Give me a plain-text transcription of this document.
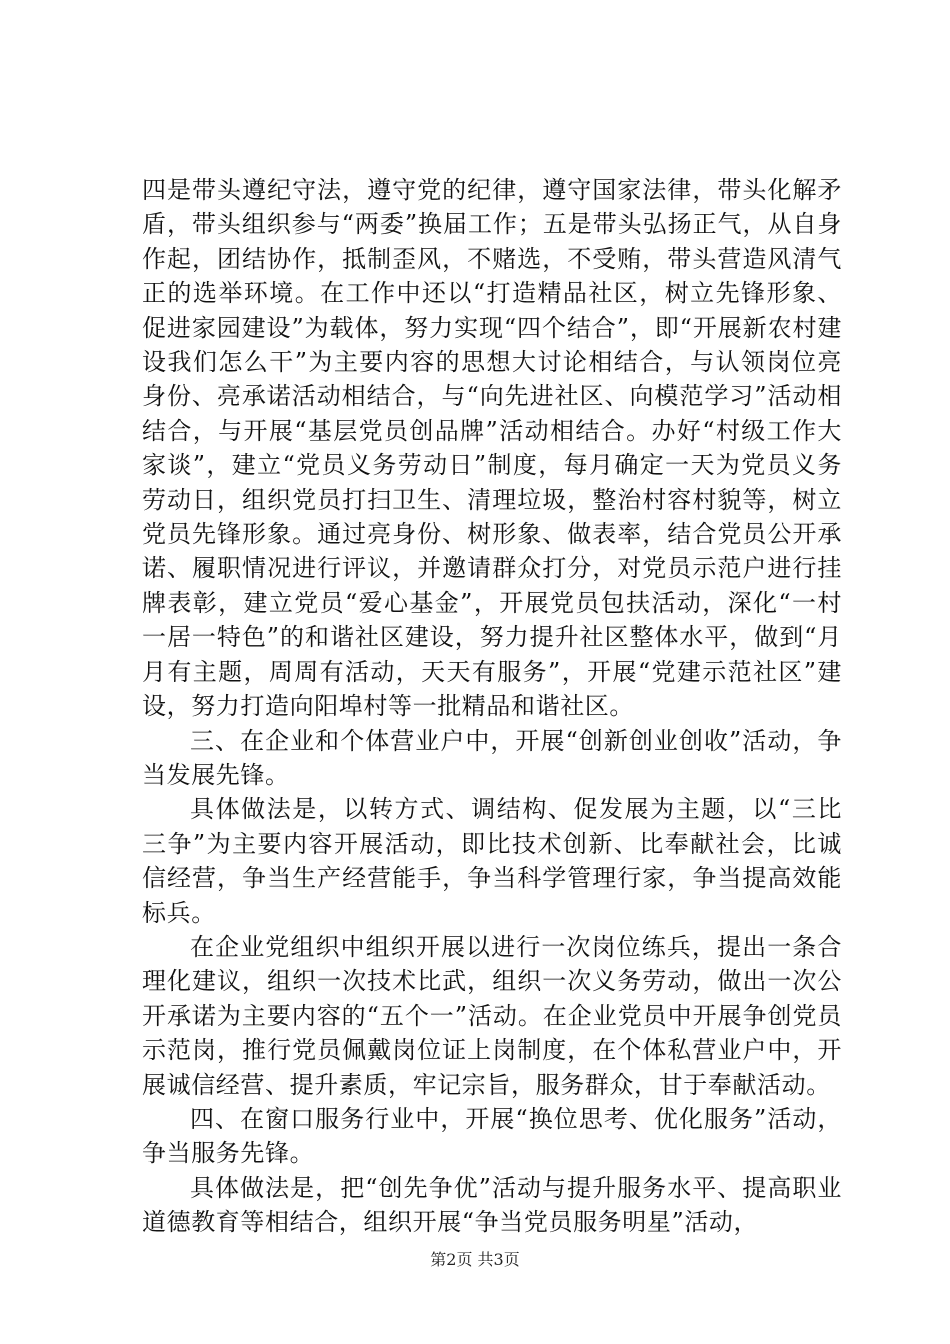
四是带头遵纪守法，遵守党的纪律，遵守国家法律，带头化解矛盾，带头组织参与“两委”换届工作；五是带头弘扬正气，从自身作起，团结协作，抵制歪风，不赌选，不受贿，带头营造风清气正的选举环境。在工作中还以“打造精品社区，树立先锋形象、促进家园建设”为载体，努力实现“四个结合”，即“开展新农村建设我们怎么干”为主要内容的思想大讨论相结合，与认领岗位亮身份、亮承诺活动相结合，与“向先进社区、向模范学习”活动相结合，与开展“基层党员创品牌”活动相结合。办好“村级工作大家谈”，建立“党员义务劳动日”制度，每月确定一天为党员义务劳动日，组织党员打扫卫生、清理垃圾，整治村容村貌等，树立党员先锋形象。通过亮身份、树形象、做表率，结合党员公开承诺、履职情况进行评议，并邀请群众打分，对党员示范户进行挂牌表彰，建立党员“爱心基金”，开展党员包扶活动，深化“一村一居一特色”的和谐社区建设，努力提升社区整体水平，做到“月月有主题，周周有活动，天天有服务”，开展“党建示范社区”建设，努力打造向阳埠村等一批精品和谐社区。

三、在企业和个体营业户中，开展“创新创业创收”活动，争当发展先锋。

具体做法是，以转方式、调结构、促发展为主题，以“三比三争”为主要内容开展活动，即比技术创新、比奉献社会，比诚信经营，争当生产经营能手，争当科学管理行家，争当提高效能标兵。

在企业党组织中组织开展以进行一次岗位练兵，提出一条合理化建议，组织一次技术比武，组织一次义务劳动，做出一次公开承诺为主要内容的“五个一”活动。在企业党员中开展争创党员示范岗，推行党员佩戴岗位证上岗制度，在个体私营业户中，开展诚信经营、提升素质，牢记宗旨，服务群众，甘于奉献活动。

四、在窗口服务行业中，开展“换位思考、优化服务”活动，争当服务先锋。

具体做法是，把“创先争优”活动与提升服务水平、提高职业道德教育等相结合，组织开展“争当党员服务明星”活动，

第2页 共3页
